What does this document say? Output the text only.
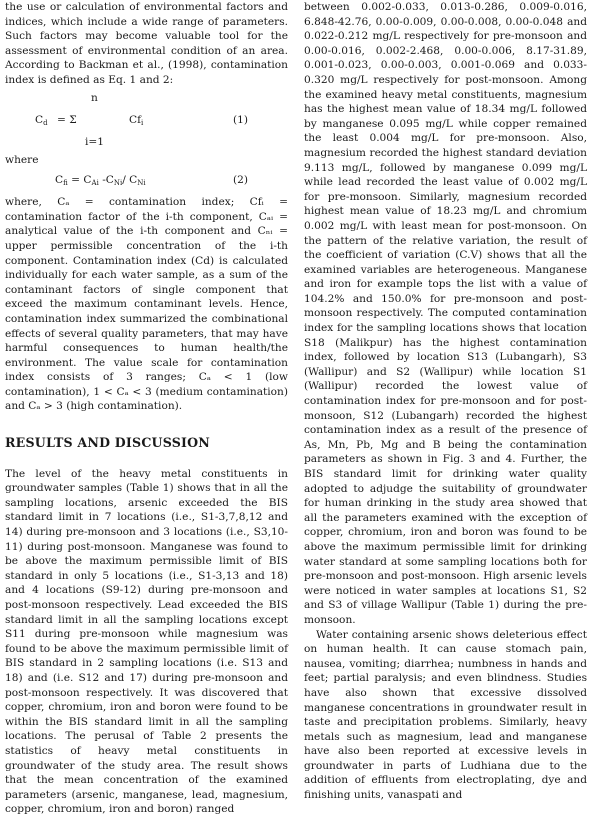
the use or calculation of environmental factors and indices, which include a wide range of parameters. Such factors may become valuable tool for the assessment of environmental condition of an area. According to Backman et al., (1998), contamination index is defined as Eq. 1 and 2:

n
$C_d = \Sigma$	$Cf_i$	(1)
i=1

where

$C_{fi} = C_{Ai}$ $-C_{Ni}/$ $C_{Ni}$	(2)

where, Cₐ = contamination index; Cfᵢ = contamination factor of the i-th component, Cₐᵢ = analytical value of the i-th component and Cₙᵢ = upper permissible concentration of the i-th component. Contamination index (Cd) is calculated individually for each water sample, as a sum of the contaminant factors of single component that exceed the maximum contaminant levels. Hence, contamination index summarized the combinational effects of several quality parameters, that may have harmful consequences to human health/the environment. The value scale for contamination index consists of 3 ranges; Cₐ < 1 (low contamination), 1 < Cₐ < 3 (medium contamination) and Cₐ > 3 (high contamination).

RESULTS AND DISCUSSION

The level of the heavy metal constituents in groundwater samples (Table 1) shows that in all the sampling locations, arsenic exceeded the BIS standard limit in 7 locations (i.e., S1-3,7,8,12 and 14) during pre-monsoon and 3 locations (i.e., S3,10-11) during post-monsoon. Manganese was found to be above the maximum permissible limit of BIS standard in only 5 locations (i.e., S1-3,13 and 18) and 4 locations (S9-12) during pre-monsoon and post-monsoon respectively. Lead exceeded the BIS standard limit in all the sampling locations except S11 during pre-monsoon while magnesium was found to be above the maximum permissible limit of BIS standard in 2 sampling locations (i.e. S13 and 18) and (i.e. S12 and 17) during pre-monsoon and post-monsoon respectively. It was discovered that copper, chromium, iron and boron were found to be within the BIS standard limit in all the sampling locations. The perusal of Table 2 presents the statistics of heavy metal constituents in groundwater of the study area. The result shows that the mean concentration of the examined parameters (arsenic, manganese, lead, magnesium, copper, chromium, iron and boron) ranged

between 0.002-0.033, 0.013-0.286, 0.009-0.016, 6.848-42.76, 0.00-0.009, 0.00-0.008, 0.00-0.048 and 0.022-0.212 mg/L respectively for pre-monsoon and 0.00-0.016, 0.002-2.468, 0.00-0.006, 8.17-31.89, 0.001-0.023, 0.00-0.003, 0.001-0.069 and 0.033-0.320 mg/L respectively for post-monsoon. Among the examined heavy metal constituents, magnesium has the highest mean value of 18.34 mg/L followed by manganese 0.095 mg/L while copper remained the least 0.004 mg/L for pre-monsoon. Also, magnesium recorded the highest standard deviation 9.113 mg/L, followed by manganese 0.099 mg/L while lead recorded the least value of 0.002 mg/L for pre-monsoon. Similarly, magnesium recorded highest mean value of 18.23 mg/L and chromium 0.002 mg/L with least mean for post-monsoon. On the pattern of the relative variation, the result of the coefficient of variation (C.V) shows that all the examined variables are heterogeneous. Manganese and iron for example tops the list with a value of 104.2% and 150.0% for pre-monsoon and post-monsoon respectively. The computed contamination index for the sampling locations shows that location S18 (Malikpur) has the highest contamination index, followed by location S13 (Lubangarh), S3 (Wallipur) and S2 (Wallipur) while location S1 (Wallipur) recorded the lowest value of contamination index for pre-monsoon and for post-monsoon, S12 (Lubangarh) recorded the highest contamination index as a result of the presence of As, Mn, Pb, Mg and B being the contamination parameters as shown in Fig. 3 and 4. Further, the BIS standard limit for drinking water quality adopted to adjudge the suitability of groundwater for human drinking in the study area showed that all the parameters examined with the exception of copper, chromium, iron and boron was found to be above the maximum permissible limit for drinking water standard at some sampling locations both for pre-monsoon and post-monsoon. High arsenic levels were noticed in water samples at locations S1, S2 and S3 of village Wallipur (Table 1) during the pre-monsoon.

Water containing arsenic shows deleterious effect on human health. It can cause stomach pain, nausea, vomiting; diarrhea; numbness in hands and feet; partial paralysis; and even blindness. Studies have also shown that excessive dissolved manganese concentrations in groundwater result in taste and precipitation problems. Similarly, heavy metals such as magnesium, lead and manganese have also been reported at excessive levels in groundwater in parts of Ludhiana due to the addition of effluents from electroplating, dye and finishing units, vanaspati and
